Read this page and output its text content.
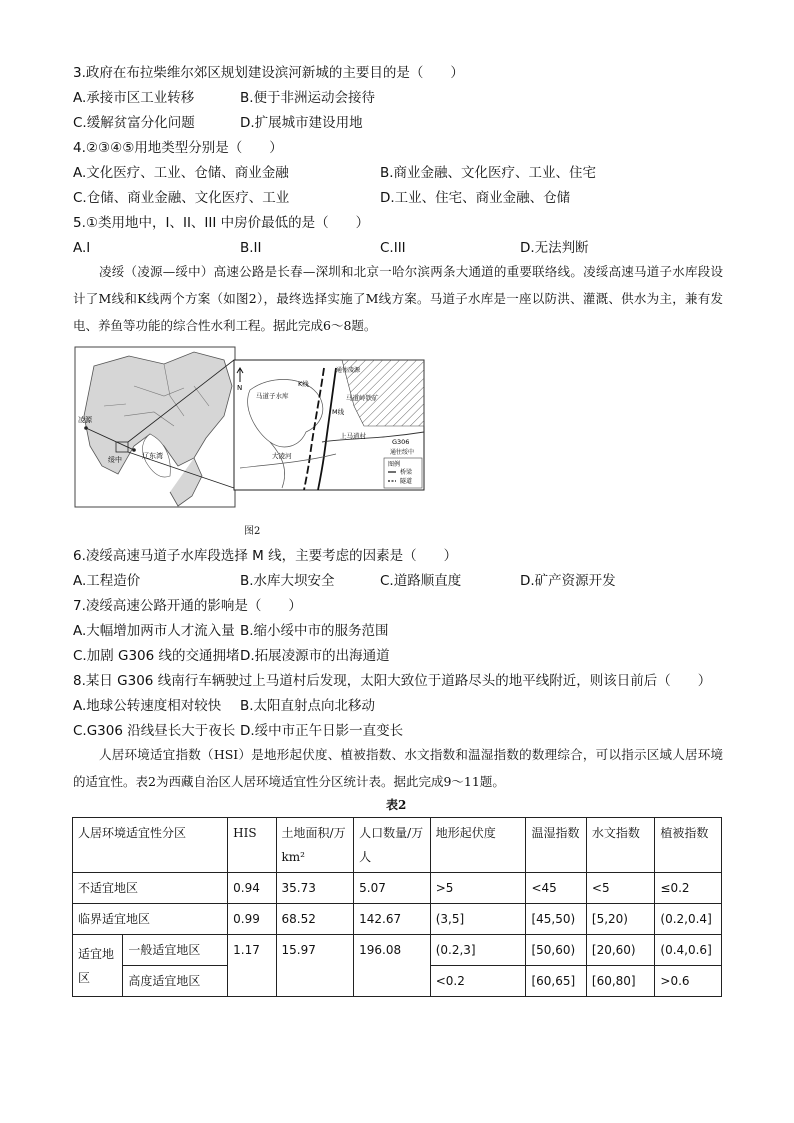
3.政府在布拉柴维尔郊区规划建设滨河新城的主要目的是（　　）
A.承接市区工业转移	B.便于非洲运动会接待
C.缓解贫富分化问题	D.扩展城市建设用地
4.②③④⑤用地类型分别是（　　）
A.文化医疗、工业、仓储、商业金融	B.商业金融、文化医疗、工业、住宅
C.仓储、商业金融、文化医疗、工业	D.工业、住宅、商业金融、仓储
5.①类用地中，I、II、III 中房价最低的是（　　）
A.I	B.II	C.III	D.无法判断
凌绥（凌源—绥中）高速公路是长春—深圳和北京一哈尔滨两条大通道的重要联络线。凌绥高速马道子水库段设计了M线和K线两个方案（如图2），最终选择实施了M线方案。马道子水库是一座以防洪、灌溉、供水为主，兼有发电、养鱼等功能的综合性水利工程。据此完成6～8题。
凌源
绥中	辽东湾
N
马道子水库
K线
M线
马道岭铁矿
上马道村
G306
通往凌源
通往绥中
大凌河
图例
桥梁
隧道
图2
6.凌绥高速马道子水库段选择 M 线，主要考虑的因素是（　　）
A.工程造价	B.水库大坝安全	C.道路顺直度	D.矿产资源开发
7.凌绥高速公路开通的影响是（　　）
A.大幅增加两市人才流入量 B.缩小绥中市的服务范围
C.加剧 G306 线的交通拥堵 D.拓展凌源市的出海通道
8.某日 G306 线南行车辆驶过上马道村后发现，太阳大致位于道路尽头的地平线附近，则该日前后（　　）
A.地球公转速度相对较快 B.太阳直射点向北移动
C.G306 沿线昼长大于夜长 D.绥中市正午日影一直变长
人居环境适宜指数（HSI）是地形起伏度、植被指数、水文指数和温湿指数的数理综合，可以指示区域人居环境的适宜性。表2为西藏自治区人居环境适宜性分区统计表。据此完成9～11题。
表2
人居环境适宜性分区		HIS	土地面积/万km²	人口数量/万人	地形起伏度	温湿指数	水文指数	植被指数
不适宜地区		0.94	35.73	5.07	>5	<45	<5	≤0.2
临界适宜地区		0.99	68.52	142.67	(3,5]	[45,50)	[5,20)	(0.2,0.4]
适宜地区	一般适宜地区	1.17	15.97	196.08	(0.2,3]	[50,60)	[20,60)	(0.4,0.6]
	高度适宜地区				<0.2	[60,65]	[60,80]	>0.6
